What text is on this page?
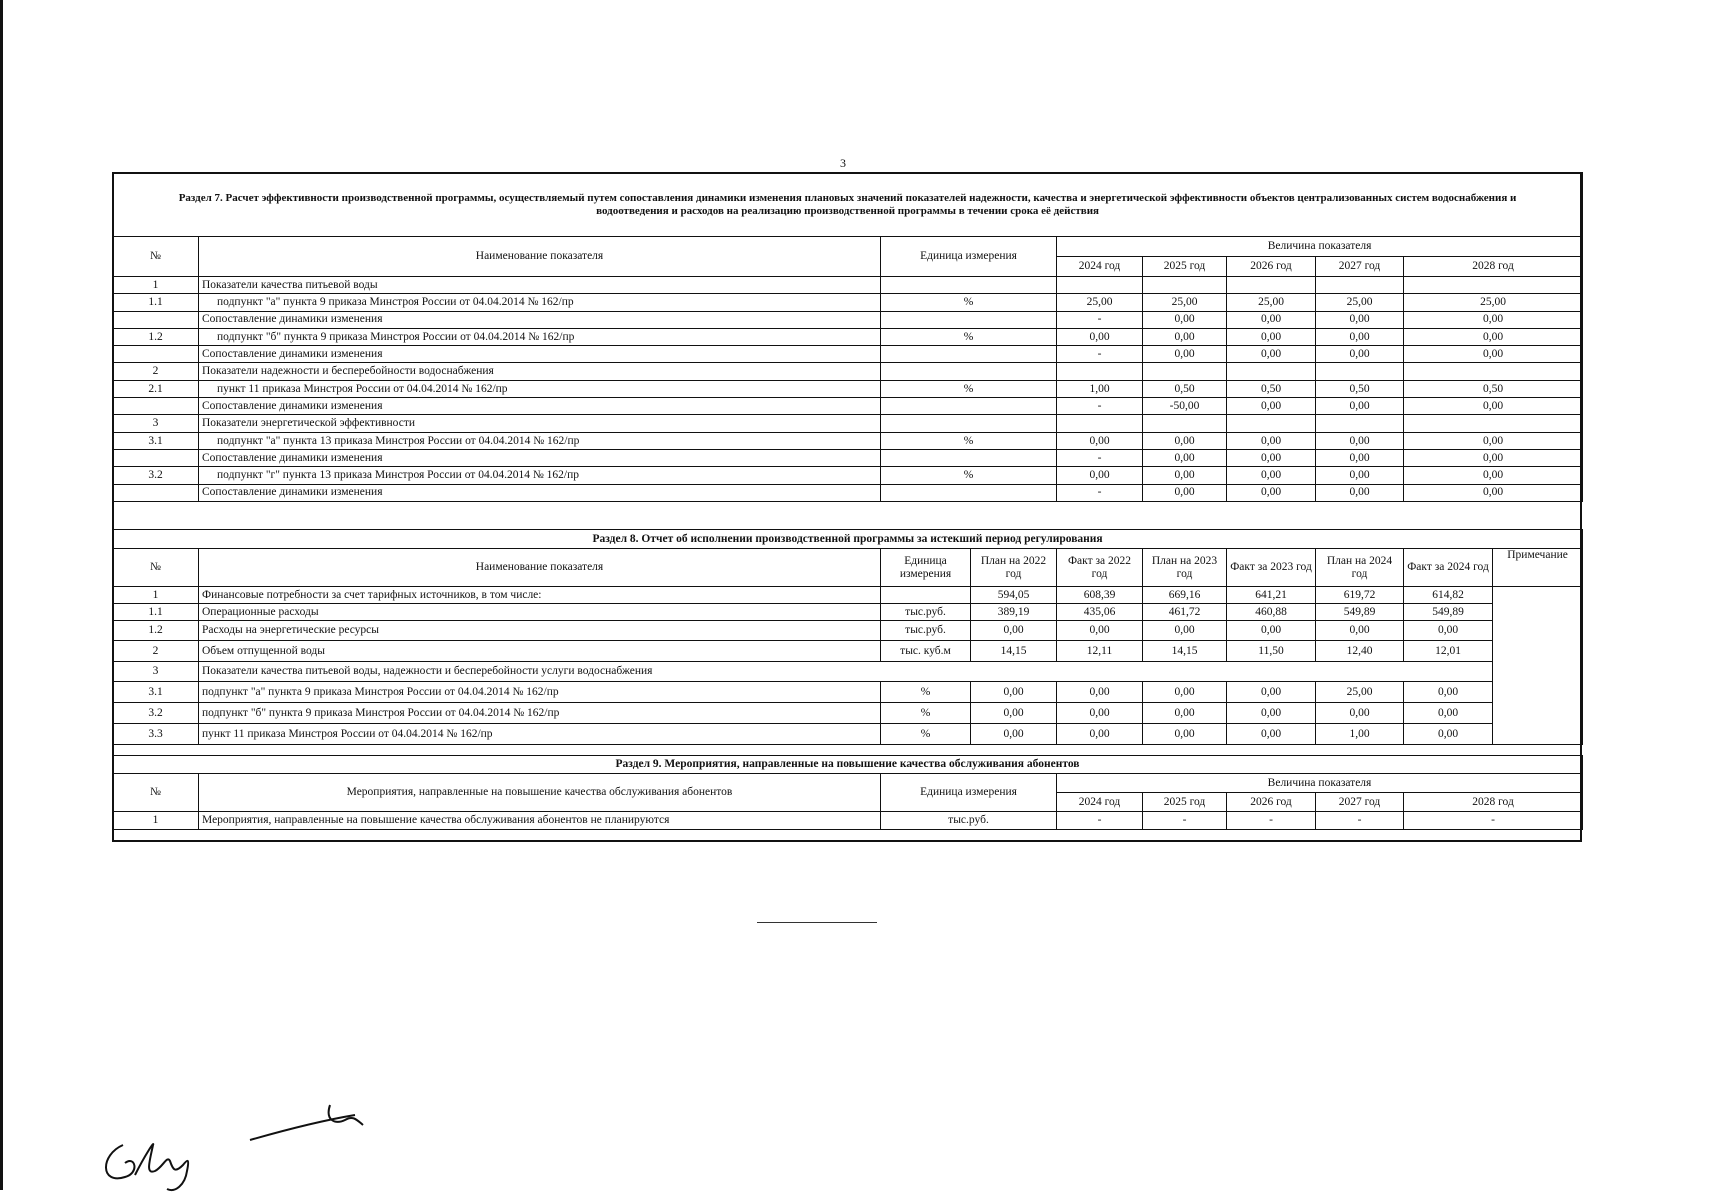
3
Раздел 7. Расчет эффективности производственной программы, осуществляемый путем сопоставления динамики изменения плановых значений показателей надежности, качества и энергетической эффективности объектов централизованных систем водоснабжения и водоотведения и расходов на реализацию производственной программы в течении срока её действия							
№	Наименование показателя	Единица измерения	Величина показателя				
			2024 год	2025 год	2026 год	2027 год	2028 год
1	Показатели качества питьевой воды						
1.1	подпункт "а" пункта 9 приказа Минстроя России от 04.04.2014 № 162/пр	%	25,00	25,00	25,00	25,00	25,00
	Сопоставление динамики изменения		-	0,00	0,00	0,00	0,00
1.2	подпункт "б" пункта 9 приказа Минстроя России от 04.04.2014 № 162/пр	%	0,00	0,00	0,00	0,00	0,00
	Сопоставление динамики изменения		-	0,00	0,00	0,00	0,00
2	Показатели надежности и бесперебойности водоснабжения						
2.1	пункт 11 приказа Минстроя России от 04.04.2014 № 162/пр	%	1,00	0,50	0,50	0,50	0,50
	Сопоставление динамики изменения		-	-50,00	0,00	0,00	0,00
3	Показатели энергетической эффективности						
3.1	подпункт "а" пункта 13 приказа Минстроя России от 04.04.2014 № 162/пр	%	0,00	0,00	0,00	0,00	0,00
	Сопоставление динамики изменения		-	0,00	0,00	0,00	0,00
3.2	подпункт "г" пункта 13 приказа Минстроя России от 04.04.2014 № 162/пр	%	0,00	0,00	0,00	0,00	0,00
	Сопоставление динамики изменения		-	0,00	0,00	0,00	0,00
Раздел 8. Отчет об исполнении производственной программы за истекший период регулирования									
№	Наименование показателя	Единица измерения	План на 2022 год	Факт за 2022 год	План на 2023 год	Факт за 2023 год	План на 2024 год	Факт за 2024 год	Примечание
1	Финансовые потребности за счет тарифных источников, в том числе:		594,05	608,39	669,16	641,21	619,72	614,82	
1.1	Операционные расходы	тыс.руб.	389,19	435,06	461,72	460,88	549,89	549,89	
1.2	Расходы на энергетические ресурсы	тыс.руб.	0,00	0,00	0,00	0,00	0,00	0,00	
2	Объем отпущенной воды	тыс. куб.м	14,15	12,11	14,15	11,50	12,40	12,01	
3	Показатели качества питьевой воды, надежности и бесперебойности услуги водоснабжения								
3.1	подпункт "а" пункта 9 приказа Минстроя России от 04.04.2014 № 162/пр	%	0,00	0,00	0,00	0,00	25,00	0,00	
3.2	подпункт "б" пункта 9 приказа Минстроя России от 04.04.2014 № 162/пр	%	0,00	0,00	0,00	0,00	0,00	0,00	
3.3	пункт 11 приказа Минстроя России от 04.04.2014 № 162/пр	%	0,00	0,00	0,00	0,00	1,00	0,00	
Раздел 9. Мероприятия, направленные на повышение качества обслуживания абонентов							
№	Мероприятия, направленные на повышение качества обслуживания абонентов	Единица измерения	Величина показателя				
			2024 год	2025 год	2026 год	2027 год	2028 год
1	Мероприятия, направленные на повышение качества обслуживания абонентов не планируются	тыс.руб.	-	-	-	-	-
